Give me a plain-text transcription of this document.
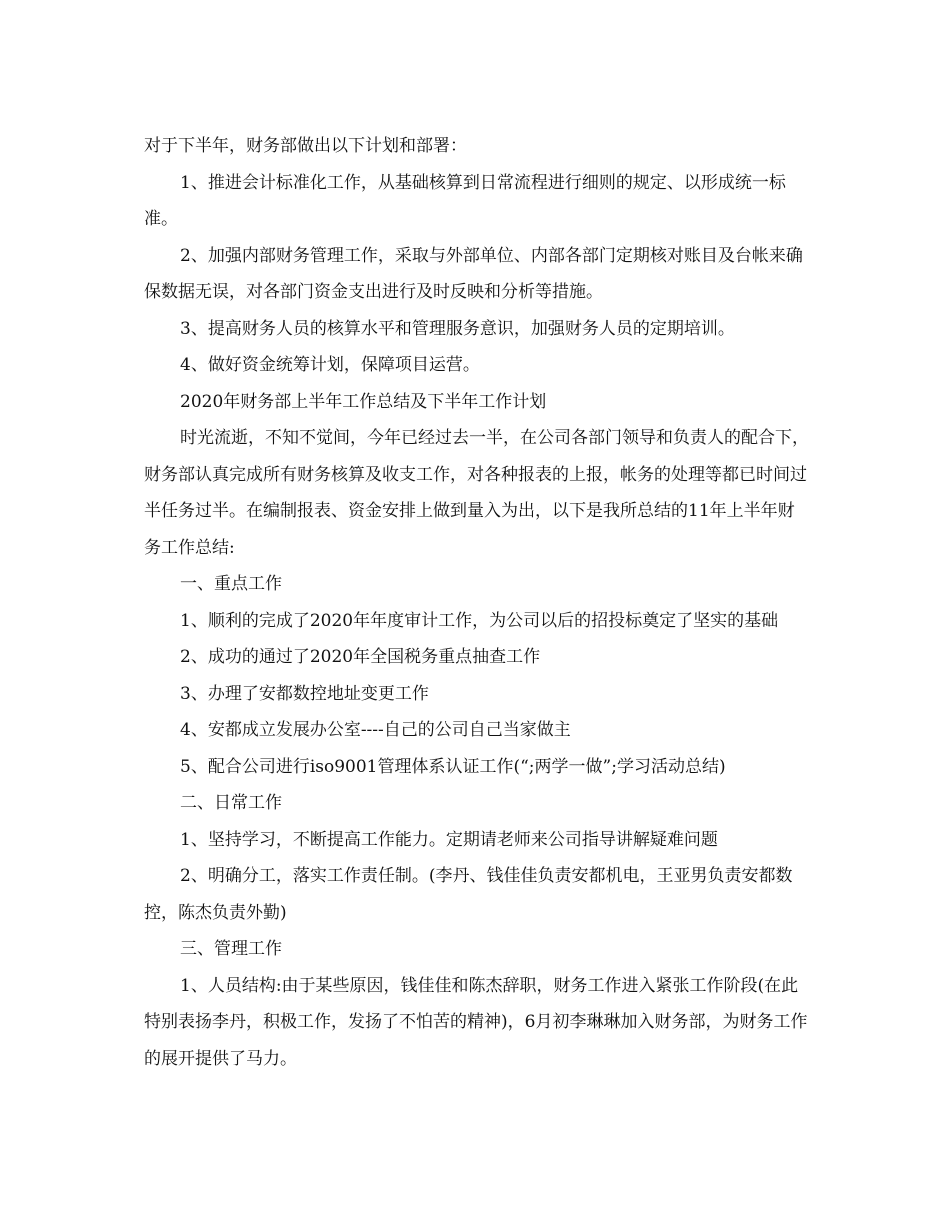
对于下半年，财务部做出以下计划和部署：

1、推进会计标准化工作，从基础核算到日常流程进行细则的规定、以形成统一标准。

2、加强内部财务管理工作，采取与外部单位、内部各部门定期核对账目及台帐来确保数据无误，对各部门资金支出进行及时反映和分析等措施。

3、提高财务人员的核算水平和管理服务意识，加强财务人员的定期培训。

4、做好资金统筹计划，保障项目运营。

2020年财务部上半年工作总结及下半年工作计划

时光流逝，不知不觉间，今年已经过去一半，在公司各部门领导和负责人的配合下，财务部认真完成所有财务核算及收支工作，对各种报表的上报，帐务的处理等都已时间过半任务过半。在编制报表、资金安排上做到量入为出，以下是我所总结的11年上半年财务工作总结:

一、重点工作

1、顺利的完成了2020年年度审计工作，为公司以后的招投标奠定了坚实的基础

2、成功的通过了2020年全国税务重点抽查工作

3、办理了安都数控地址变更工作

4、安都成立发展办公室----自己的公司自己当家做主

5、配合公司进行iso9001管理体系认证工作(“;两学一做”;学习活动总结)

二、日常工作

1、坚持学习，不断提高工作能力。定期请老师来公司指导讲解疑难问题

2、明确分工，落实工作责任制。(李丹、钱佳佳负责安都机电，王亚男负责安都数控，陈杰负责外勤)

三、管理工作

1、人员结构:由于某些原因，钱佳佳和陈杰辞职，财务工作进入紧张工作阶段(在此特别表扬李丹，积极工作，发扬了不怕苦的精神)，6月初李琳琳加入财务部，为财务工作的展开提供了马力。
